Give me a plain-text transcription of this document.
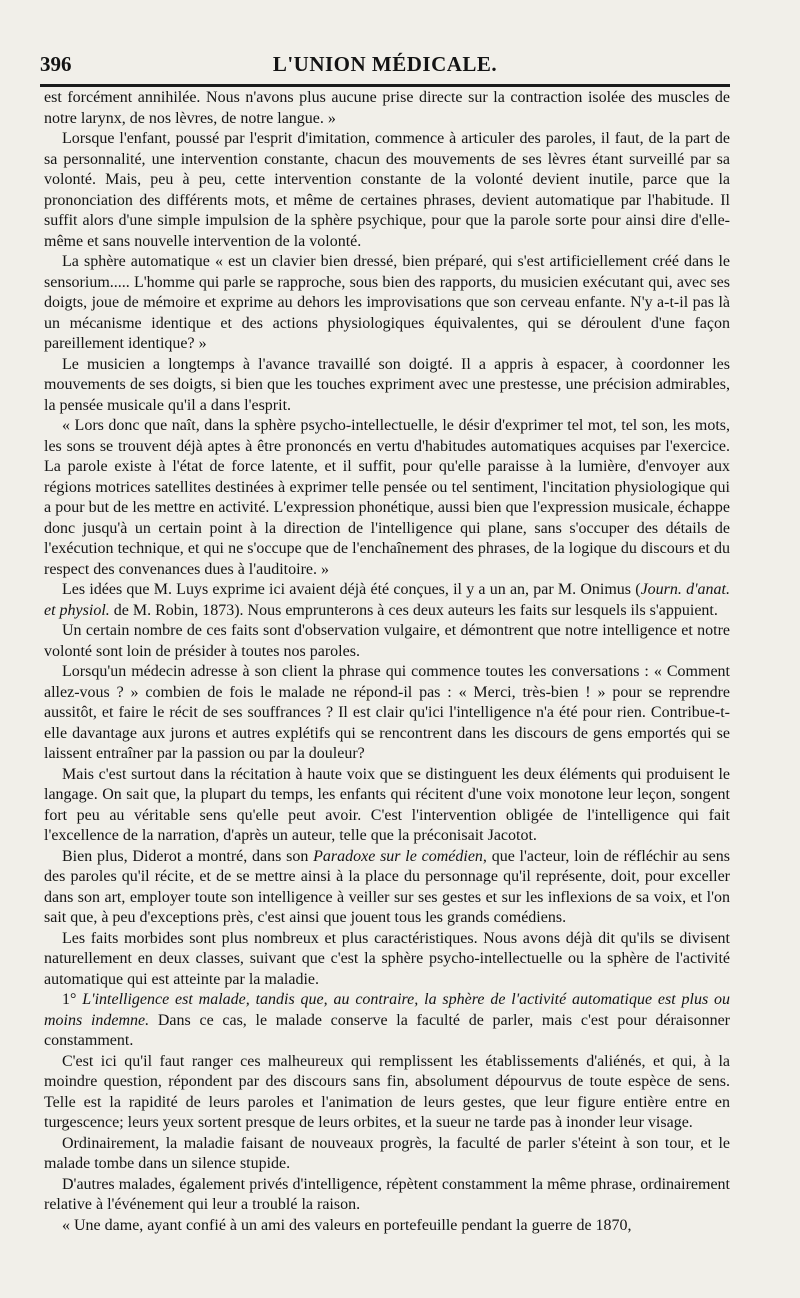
396	L'UNION MÉDICALE.

est forcément annihilée. Nous n'avons plus aucune prise directe sur la contraction isolée des muscles de notre larynx, de nos lèvres, de notre langue. »

Lorsque l'enfant, poussé par l'esprit d'imitation, commence à articuler des paroles, il faut, de la part de sa personnalité, une intervention constante, chacun des mouvements de ses lèvres étant surveillé par sa volonté. Mais, peu à peu, cette intervention constante de la volonté devient inutile, parce que la prononciation des différents mots, et même de certaines phrases, devient automatique par l'habitude. Il suffit alors d'une simple impulsion de la sphère psychique, pour que la parole sorte pour ainsi dire d'elle-même et sans nouvelle intervention de la volonté.

La sphère automatique « est un clavier bien dressé, bien préparé, qui s'est artificiellement créé dans le sensorium..... L'homme qui parle se rapproche, sous bien des rapports, du musicien exécutant qui, avec ses doigts, joue de mémoire et exprime au dehors les improvisations que son cerveau enfante. N'y a-t-il pas là un mécanisme identique et des actions physiologiques équivalentes, qui se déroulent d'une façon pareillement identique? »

Le musicien a longtemps à l'avance travaillé son doigté. Il a appris à espacer, à coordonner les mouvements de ses doigts, si bien que les touches expriment avec une prestesse, une précision admirables, la pensée musicale qu'il a dans l'esprit.

« Lors donc que naît, dans la sphère psycho-intellectuelle, le désir d'exprimer tel mot, tel son, les mots, les sons se trouvent déjà aptes à être prononcés en vertu d'habitudes automatiques acquises par l'exercice. La parole existe à l'état de force latente, et il suffit, pour qu'elle paraisse à la lumière, d'envoyer aux régions motrices satellites destinées à exprimer telle pensée ou tel sentiment, l'incitation physiologique qui a pour but de les mettre en activité. L'expression phonétique, aussi bien que l'expression musicale, échappe donc jusqu'à un certain point à la direction de l'intelligence qui plane, sans s'occuper des détails de l'exécution technique, et qui ne s'occupe que de l'enchaînement des phrases, de la logique du discours et du respect des convenances dues à l'auditoire. »

Les idées que M. Luys exprime ici avaient déjà été conçues, il y a un an, par M. Onimus (Journ. d'anat. et physiol. de M. Robin, 1873). Nous emprunterons à ces deux auteurs les faits sur lesquels ils s'appuient.

Un certain nombre de ces faits sont d'observation vulgaire, et démontrent que notre intelligence et notre volonté sont loin de présider à toutes nos paroles.

Lorsqu'un médecin adresse à son client la phrase qui commence toutes les conversations : « Comment allez-vous ? » combien de fois le malade ne répond-il pas : « Merci, très-bien ! » pour se reprendre aussitôt, et faire le récit de ses souffrances ? Il est clair qu'ici l'intelligence n'a été pour rien. Contribue-t-elle davantage aux jurons et autres explétifs qui se rencontrent dans les discours de gens emportés qui se laissent entraîner par la passion ou par la douleur?

Mais c'est surtout dans la récitation à haute voix que se distinguent les deux éléments qui produisent le langage. On sait que, la plupart du temps, les enfants qui récitent d'une voix monotone leur leçon, songent fort peu au véritable sens qu'elle peut avoir. C'est l'intervention obligée de l'intelligence qui fait l'excellence de la narration, d'après un auteur, telle que la préconisait Jacotot.

Bien plus, Diderot a montré, dans son Paradoxe sur le comédien, que l'acteur, loin de réfléchir au sens des paroles qu'il récite, et de se mettre ainsi à la place du personnage qu'il représente, doit, pour exceller dans son art, employer toute son intelligence à veiller sur ses gestes et sur les inflexions de sa voix, et l'on sait que, à peu d'exceptions près, c'est ainsi que jouent tous les grands comédiens.

Les faits morbides sont plus nombreux et plus caractéristiques. Nous avons déjà dit qu'ils se divisent naturellement en deux classes, suivant que c'est la sphère psycho-intellectuelle ou la sphère de l'activité automatique qui est atteinte par la maladie.

1° L'intelligence est malade, tandis que, au contraire, la sphère de l'activité automatique est plus ou moins indemne. Dans ce cas, le malade conserve la faculté de parler, mais c'est pour déraisonner constamment.

C'est ici qu'il faut ranger ces malheureux qui remplissent les établissements d'aliénés, et qui, à la moindre question, répondent par des discours sans fin, absolument dépourvus de toute espèce de sens. Telle est la rapidité de leurs paroles et l'animation de leurs gestes, que leur figure entière entre en turgescence; leurs yeux sortent presque de leurs orbites, et la sueur ne tarde pas à inonder leur visage.

Ordinairement, la maladie faisant de nouveaux progrès, la faculté de parler s'éteint à son tour, et le malade tombe dans un silence stupide.

D'autres malades, également privés d'intelligence, répètent constamment la même phrase, ordinairement relative à l'événement qui leur a troublé la raison.

« Une dame, ayant confié à un ami des valeurs en portefeuille pendant la guerre de 1870,
